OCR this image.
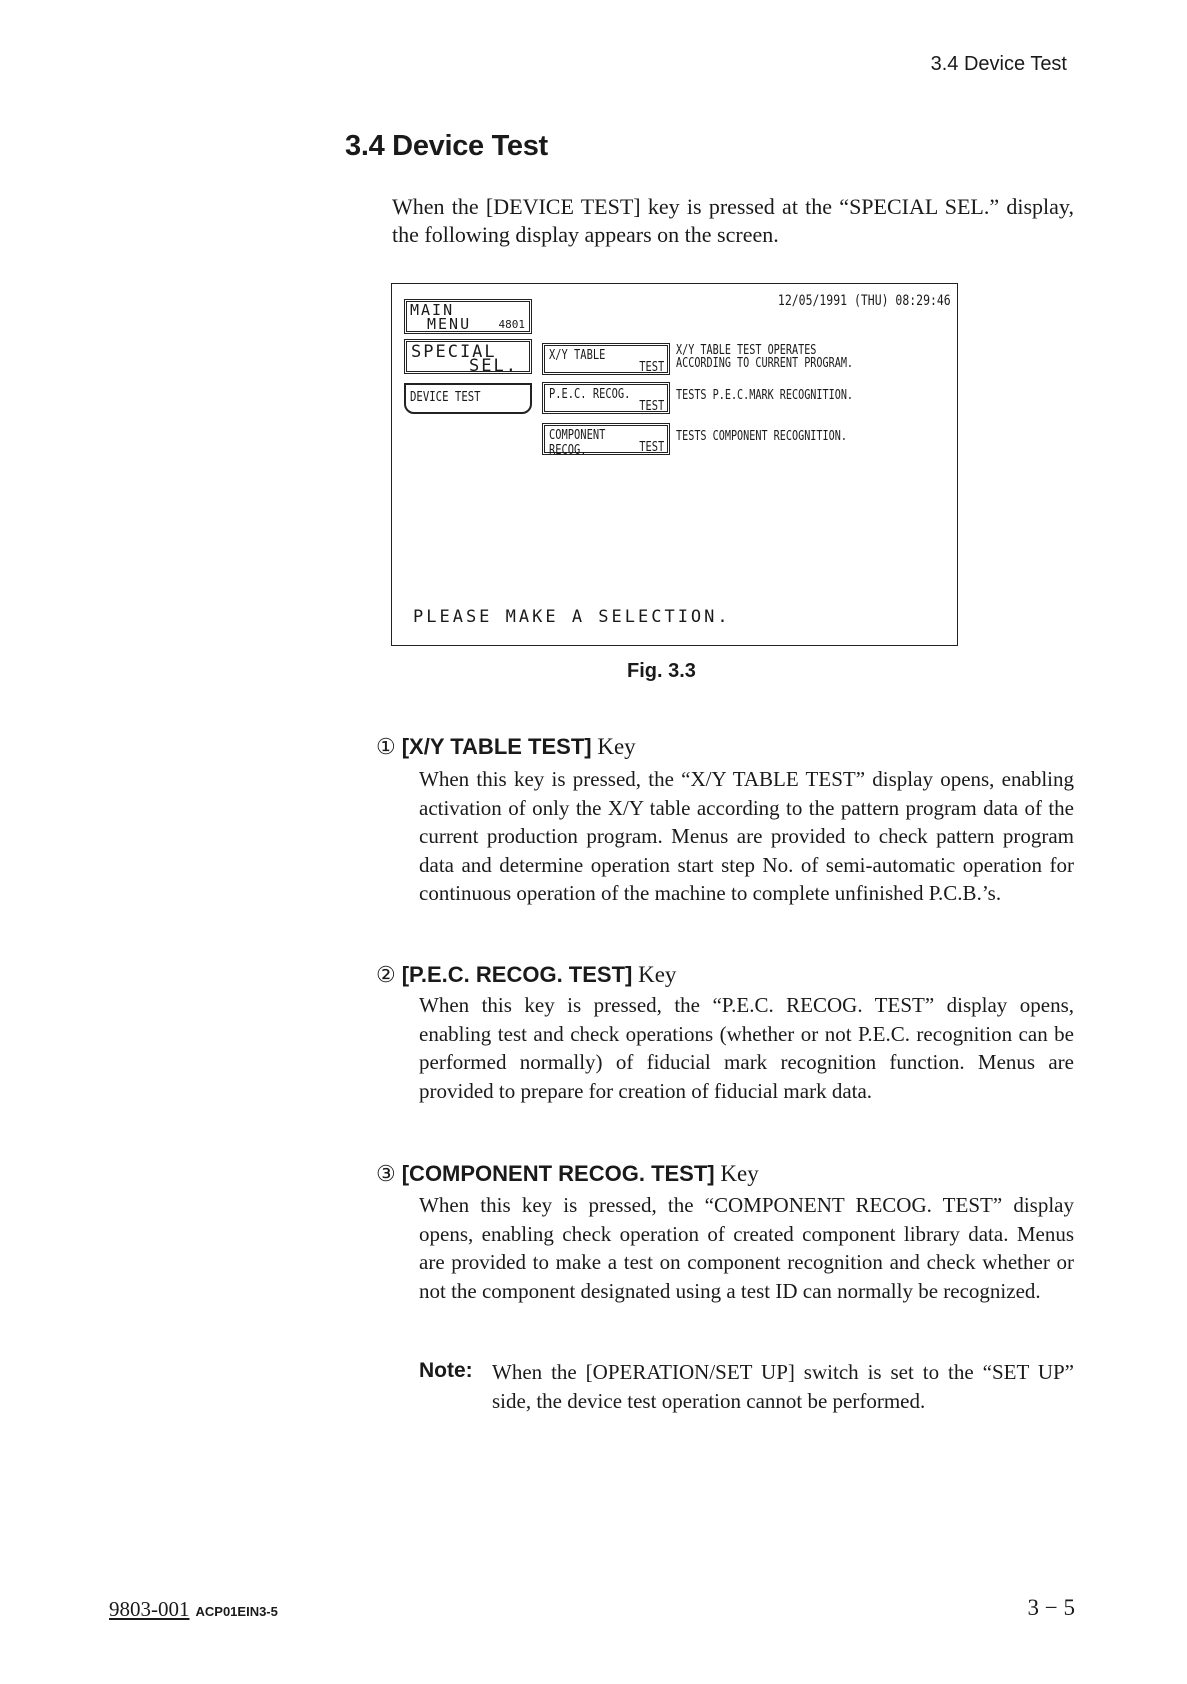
3.4 Device Test
3.4 Device Test
When the [DEVICE TEST] key is pressed at the “SPECIAL SEL.” display, the following display appears on the screen.
12/05/1991 (THU) 08:29:46
MAIN
MENU 4801
SPECIAL
SEL.
DEVICE TEST
X/Y TABLE
TEST
X/Y TABLE TEST OPERATES
ACCORDING TO CURRENT PROGRAM.
P.E.C. RECOG.
TEST
TESTS P.E.C.MARK RECOGNITION.
COMPONENT RECOG.	TEST
TESTS COMPONENT RECOGNITION.
PLEASE MAKE A SELECTION.
Fig. 3.3
① [X/Y TABLE TEST] Key
When this key is pressed, the “X/Y TABLE TEST” display opens, enabling activation of only the X/Y table according to the pattern program data of the current production program. Menus are provided to check pattern program data and determine operation start step No. of semi-automatic operation for continuous operation of the machine to complete unfinished P.C.B.’s.
② [P.E.C. RECOG. TEST] Key
When this key is pressed, the “P.E.C. RECOG. TEST” display opens, enabling test and check operations (whether or not P.E.C. recognition can be performed normally) of fiducial mark recognition function. Menus are provided to prepare for creation of fiducial mark data.
③ [COMPONENT RECOG. TEST] Key
When this key is pressed, the “COMPONENT RECOG. TEST” display opens, enabling check operation of created component library data. Menus are provided to make a test on component recognition and check whether or not the component designated using a test ID can normally be recognized.
Note: When the [OPERATION/SET UP] switch is set to the “SET UP” side, the device test operation cannot be performed.
9803-001 ACP01EIN3-5	3 − 5
